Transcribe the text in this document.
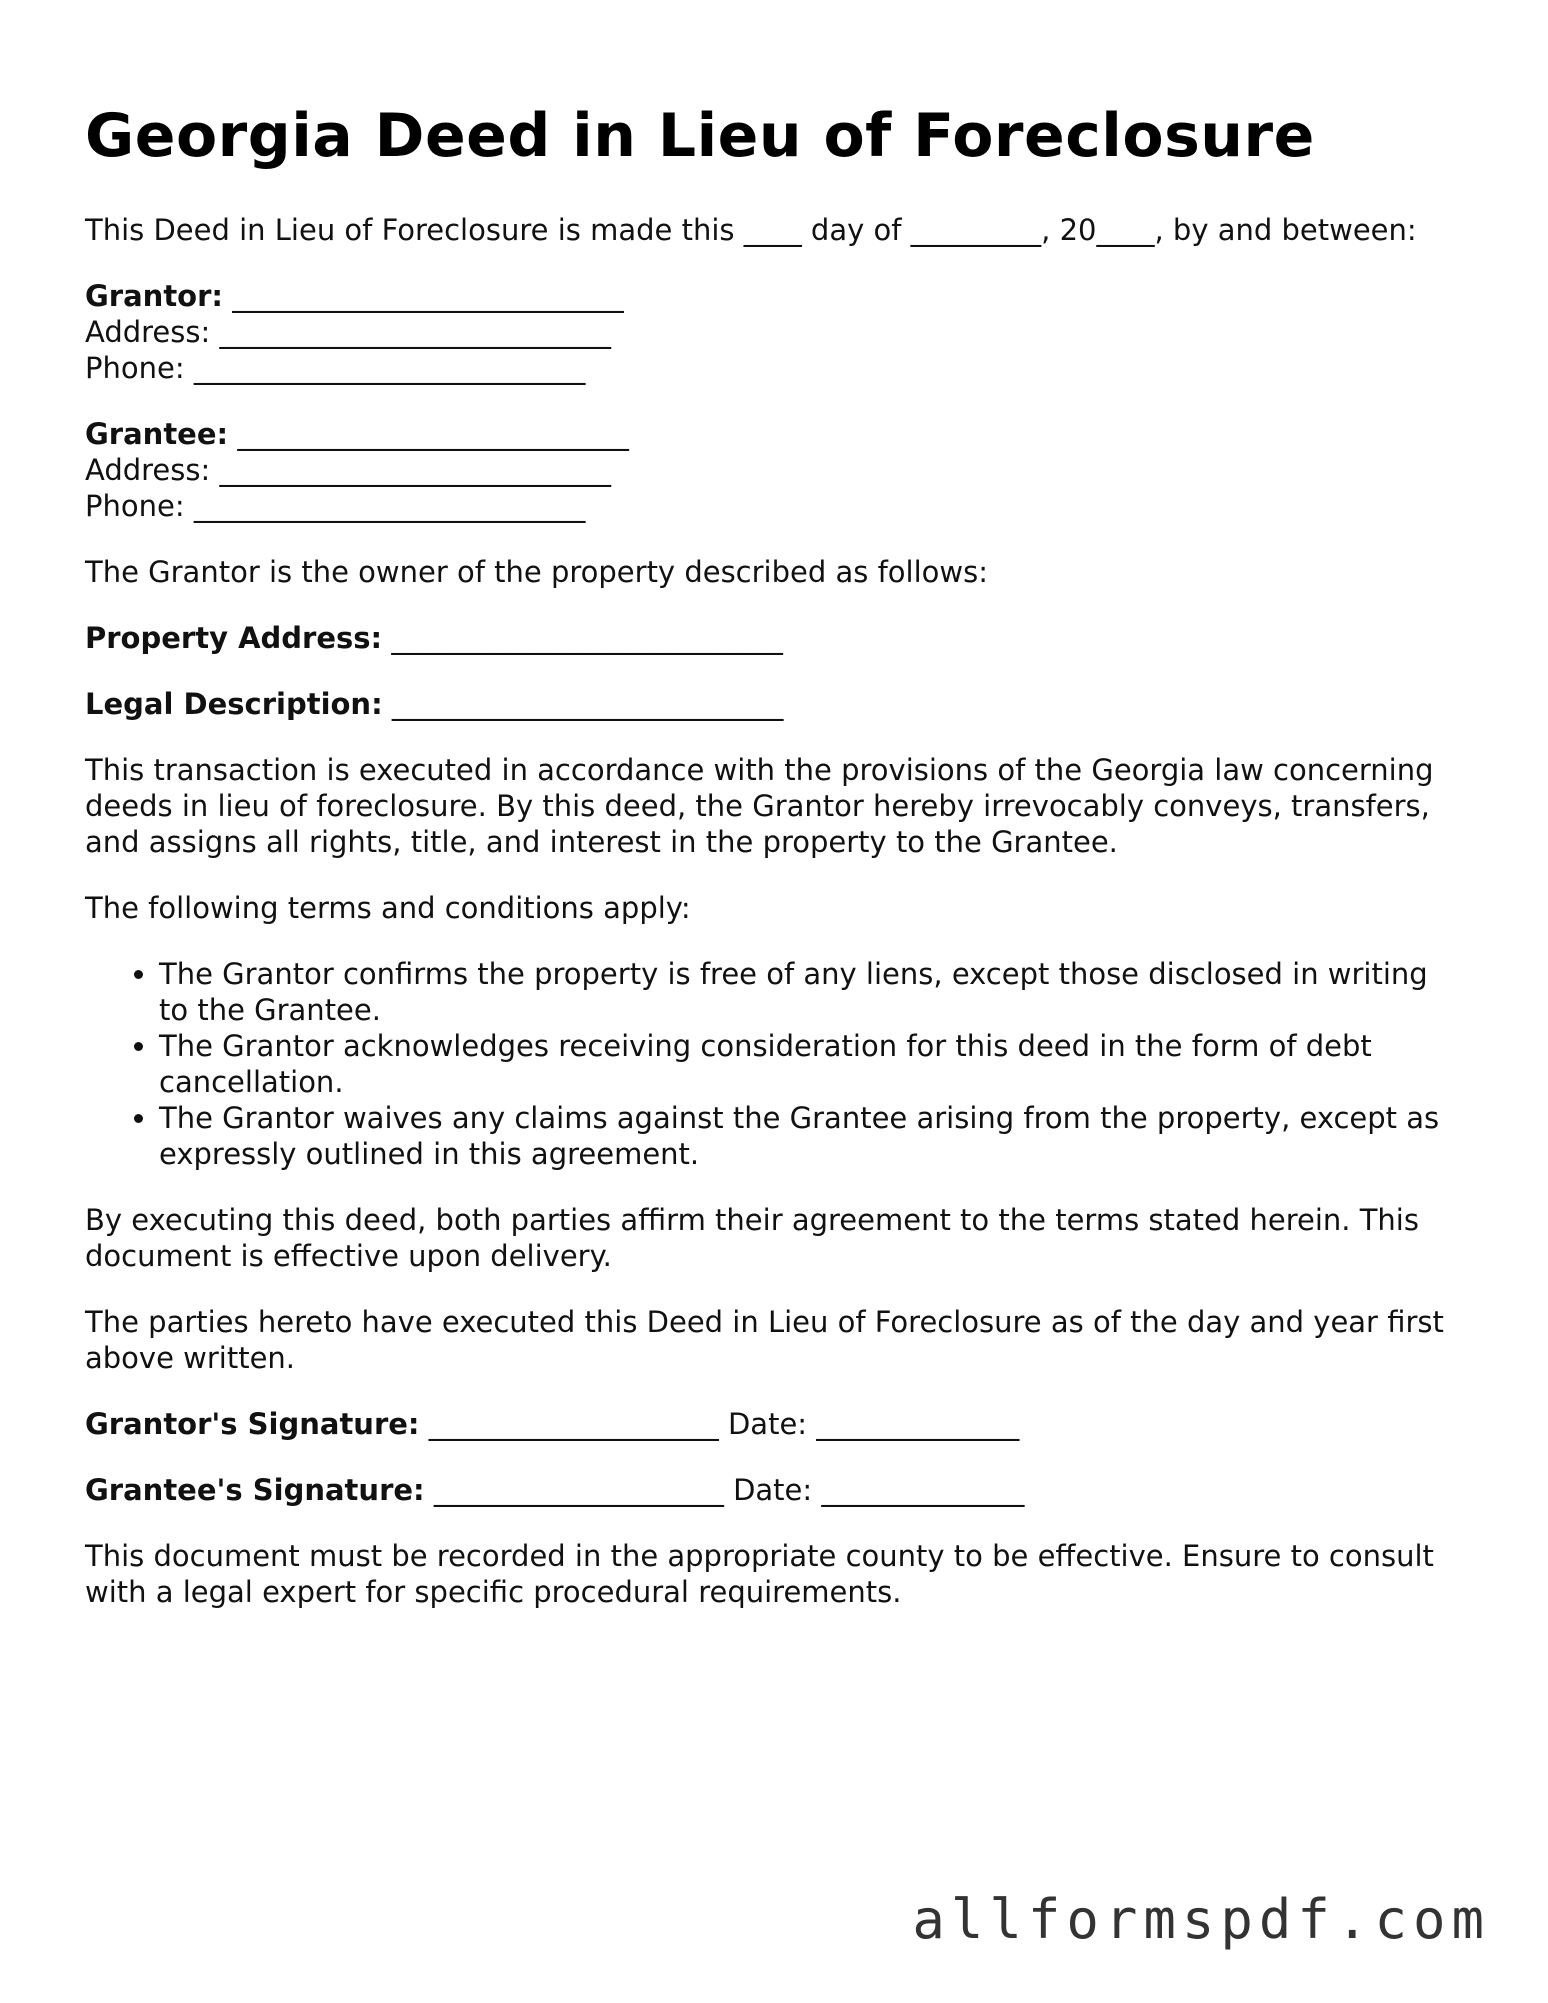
Georgia Deed in Lieu of Foreclosure

This Deed in Lieu of Foreclosure is made this ____ day of _________, 20____, by and between:

Grantor: ___________________________
Address: ___________________________
Phone: ___________________________
Grantee: ___________________________
Address: ___________________________
Phone: ___________________________

The Grantor is the owner of the property described as follows:

Property Address: ___________________________

Legal Description: ___________________________

This transaction is executed in accordance with the provisions of the Georgia law concerning deeds in lieu of foreclosure. By this deed, the Grantor hereby irrevocably conveys, transfers, and assigns all rights, title, and interest in the property to the Grantee.

The following terms and conditions apply:

• The Grantor confirms the property is free of any liens, except those disclosed in writing to the Grantee.
• The Grantor acknowledges receiving consideration for this deed in the form of debt cancellation.
• The Grantor waives any claims against the Grantee arising from the property, except as expressly outlined in this agreement.

By executing this deed, both parties affirm their agreement to the terms stated herein. This document is effective upon delivery.

The parties hereto have executed this Deed in Lieu of Foreclosure as of the day and year first above written.

Grantor's Signature: ____________________ Date: ______________

Grantee's Signature: ____________________ Date: ______________

This document must be recorded in the appropriate county to be effective. Ensure to consult with a legal expert for specific procedural requirements.

allformspdf.com
